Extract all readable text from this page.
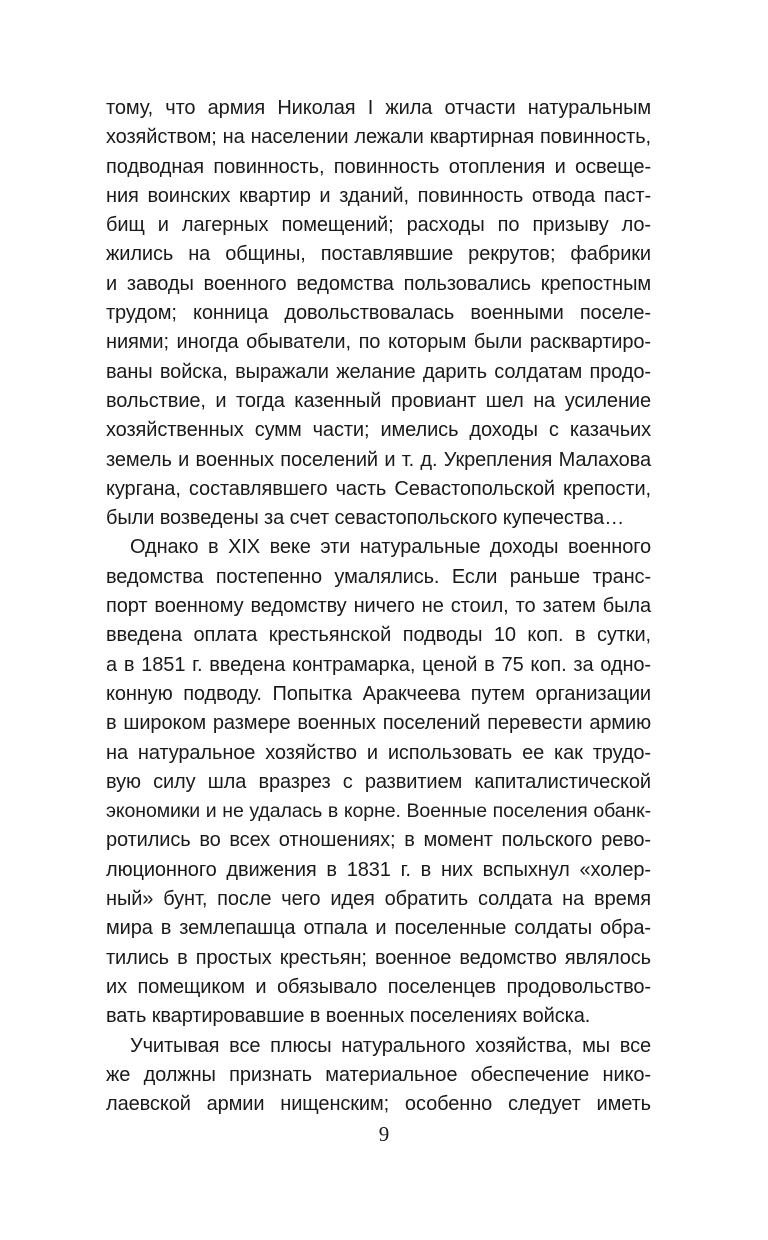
тому, что армия Николая I жила отчасти натуральным
хозяйством; на населении лежали квартирная повинность,
подводная повинность, повинность отопления и освеще-
ния воинских квартир и зданий, повинность отвода паст-
бищ и лагерных помещений; расходы по призыву ло-
жились на общины, поставлявшие рекрутов; фабрики
и заводы военного ведомства пользовались крепостным
трудом; конница довольствовалась военными поселе-
ниями; иногда обыватели, по которым были расквартиро-
ваны войска, выражали желание дарить солдатам продо-
вольствие, и тогда казенный провиант шел на усиление
хозяйственных сумм части; имелись доходы с казачьих
земель и военных поселений и т. д. Укрепления Малахова
кургана, составлявшего часть Севастопольской крепости,
были возведены за счет севастопольского купечества…
Однако в XIX веке эти натуральные доходы военного
ведомства постепенно умалялись. Если раньше транс-
порт военному ведомству ничего не стоил, то затем была
введена оплата крестьянской подводы 10 коп. в сутки,
а в 1851 г. введена контрамарка, ценой в 75 коп. за одно-
конную подводу. Попытка Аракчеева путем организации
в широком размере военных поселений перевести армию
на натуральное хозяйство и использовать ее как трудо-
вую силу шла вразрез с развитием капиталистической
экономики и не удалась в корне. Военные поселения обанк-
ротились во всех отношениях; в момент польского рево-
люционного движения в 1831 г. в них вспыхнул «холер-
ный» бунт, после чего идея обратить солдата на время
мира в землепашца отпала и поселенные солдаты обра-
тились в простых крестьян; военное ведомство являлось
их помещиком и обязывало поселенцев продовольство-
вать квартировавшие в военных поселениях войска.
Учитывая все плюсы натурального хозяйства, мы все
же должны признать материальное обеспечение нико-
лаевской армии нищенским; особенно следует иметь
9
